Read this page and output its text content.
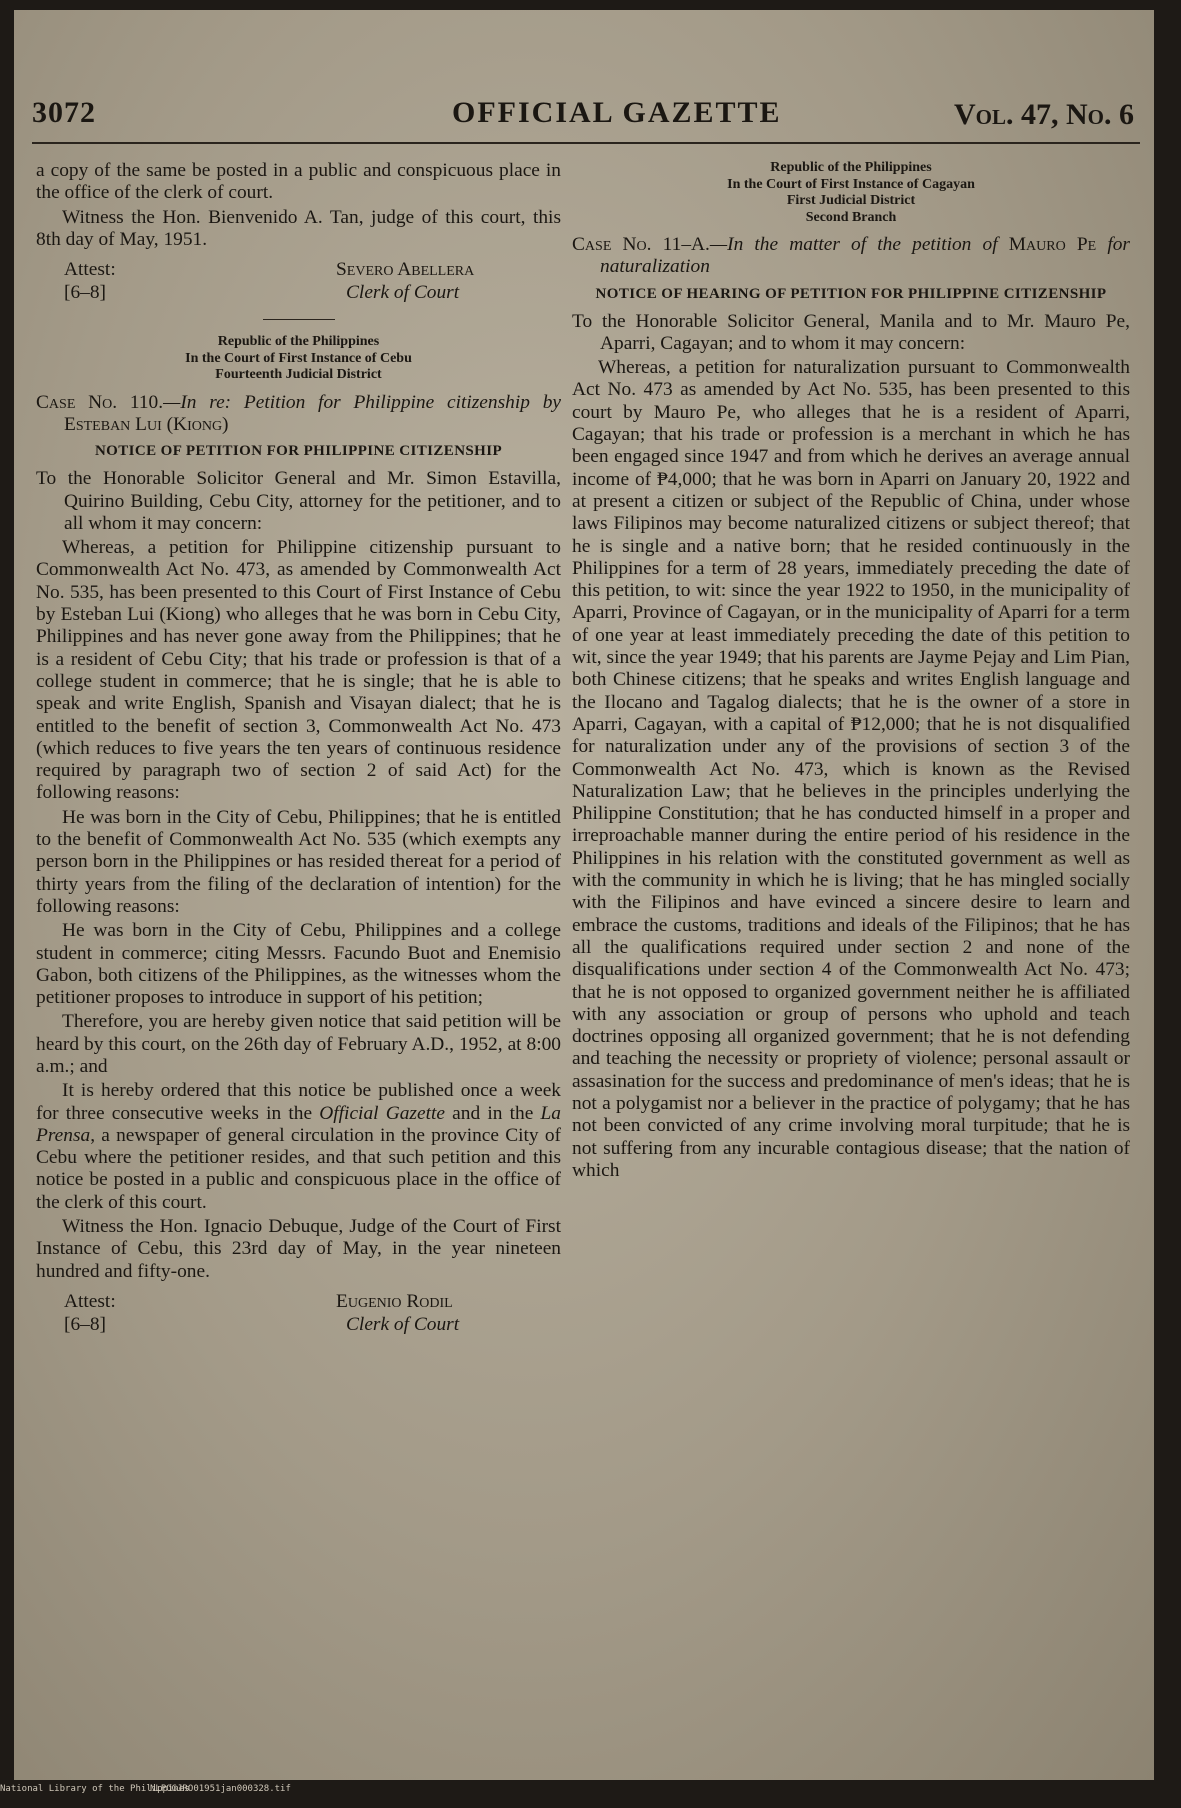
3072	OFFICIAL GAZETTE	Vol. 47, No. 6

a copy of the same be posted in a public and conspicuous place in the office of the clerk of court.

Witness the Hon. Bienvenido A. Tan, judge of this court, this 8th day of May, 1951.

Attest:
[6–8]
Severo Abellera
Clerk of Court
Republic of the Philippines
In the Court of First Instance of Cebu
Fourteenth Judicial District

Case No. 110.—In re: Petition for Philippine citizenship by Esteban Lui (Kiong)

NOTICE OF PETITION FOR PHILIPPINE CITIZENSHIP

To the Honorable Solicitor General and Mr. Simon Estavilla, Quirino Building, Cebu City, attorney for the petitioner, and to all whom it may concern:

Whereas, a petition for Philippine citizenship pursuant to Commonwealth Act No. 473, as amended by Commonwealth Act No. 535, has been presented to this Court of First Instance of Cebu by Esteban Lui (Kiong) who alleges that he was born in Cebu City, Philippines and has never gone away from the Philippines; that he is a resident of Cebu City; that his trade or profession is that of a college student in commerce; that he is single; that he is able to speak and write English, Spanish and Visayan dialect; that he is entitled to the benefit of section 3, Commonwealth Act No. 473 (which reduces to five years the ten years of continuous residence required by paragraph two of section 2 of said Act) for the following reasons:

He was born in the City of Cebu, Philippines; that he is entitled to the benefit of Commonwealth Act No. 535 (which exempts any person born in the Philippines or has resided thereat for a period of thirty years from the filing of the declaration of intention) for the following reasons:

He was born in the City of Cebu, Philippines and a college student in commerce; citing Messrs. Facundo Buot and Enemisio Gabon, both citizens of the Philippines, as the witnesses whom the petitioner proposes to introduce in support of his petition;

Therefore, you are hereby given notice that said petition will be heard by this court, on the 26th day of February A.D., 1952, at 8:00 a.m.; and

It is hereby ordered that this notice be published once a week for three consecutive weeks in the Official Gazette and in the La Prensa, a newspaper of general circulation in the province City of Cebu where the petitioner resides, and that such petition and this notice be posted in a public and conspicuous place in the office of the clerk of this court.

Witness the Hon. Ignacio Debuque, Judge of the Court of First Instance of Cebu, this 23rd day of May, in the year nineteen hundred and fifty-one.

Attest:
[6–8]
Eugenio Rodil
Clerk of Court
Republic of the Philippines
In the Court of First Instance of Cagayan
First Judicial District
Second Branch

Case No. 11–A.—In the matter of the petition of Mauro Pe for naturalization

NOTICE OF HEARING OF PETITION FOR PHILIPPINE CITIZENSHIP

To the Honorable Solicitor General, Manila and to Mr. Mauro Pe, Aparri, Cagayan; and to whom it may concern:

Whereas, a petition for naturalization pursuant to Commonwealth Act No. 473 as amended by Act No. 535, has been presented to this court by Mauro Pe, who alleges that he is a resident of Aparri, Cagayan; that his trade or profession is a merchant in which he has been engaged since 1947 and from which he derives an average annual income of ₱4,000; that he was born in Aparri on January 20, 1922 and at present a citizen or subject of the Republic of China, under whose laws Filipinos may become naturalized citizens or subject thereof; that he is single and a native born; that he resided continuously in the Philippines for a term of 28 years, immediately preceding the date of this petition, to wit: since the year 1922 to 1950, in the municipality of Aparri, Province of Cagayan, or in the municipality of Aparri for a term of one year at least immediately preceding the date of this petition to wit, since the year 1949; that his parents are Jayme Pejay and Lim Pian, both Chinese citizens; that he speaks and writes English language and the Ilocano and Tagalog dialects; that he is the owner of a store in Aparri, Cagayan, with a capital of ₱12,000; that he is not disqualified for naturalization under any of the provisions of section 3 of the Commonwealth Act No. 473, which is known as the Revised Naturalization Law; that he believes in the principles underlying the Philippine Constitution; that he has conducted himself in a proper and irreproachable manner during the entire period of his residence in the Philippines in his relation with the constituted government as well as with the community in which he is living; that he has mingled socially with the Filipinos and have evinced a sincere desire to learn and embrace the customs, traditions and ideals of the Filipinos; that he has all the qualifications required under section 2 and none of the disqualifications under section 4 of the Commonwealth Act No. 473; that he is not opposed to organized government neither he is affiliated with any association or group of persons who uphold and teach doctrines opposing all organized government; that he is not defending and teaching the necessity or propriety of violence; personal assault or assasination for the success and predominance of men's ideas; that he is not a polygamist nor a believer in the practice of polygamy; that he has not been convicted of any crime involving moral turpitude; that he is not suffering from any incurable contagious disease; that the nation of which

National Library of the Philippines
NLPOGJRO01951jan000328.tif
